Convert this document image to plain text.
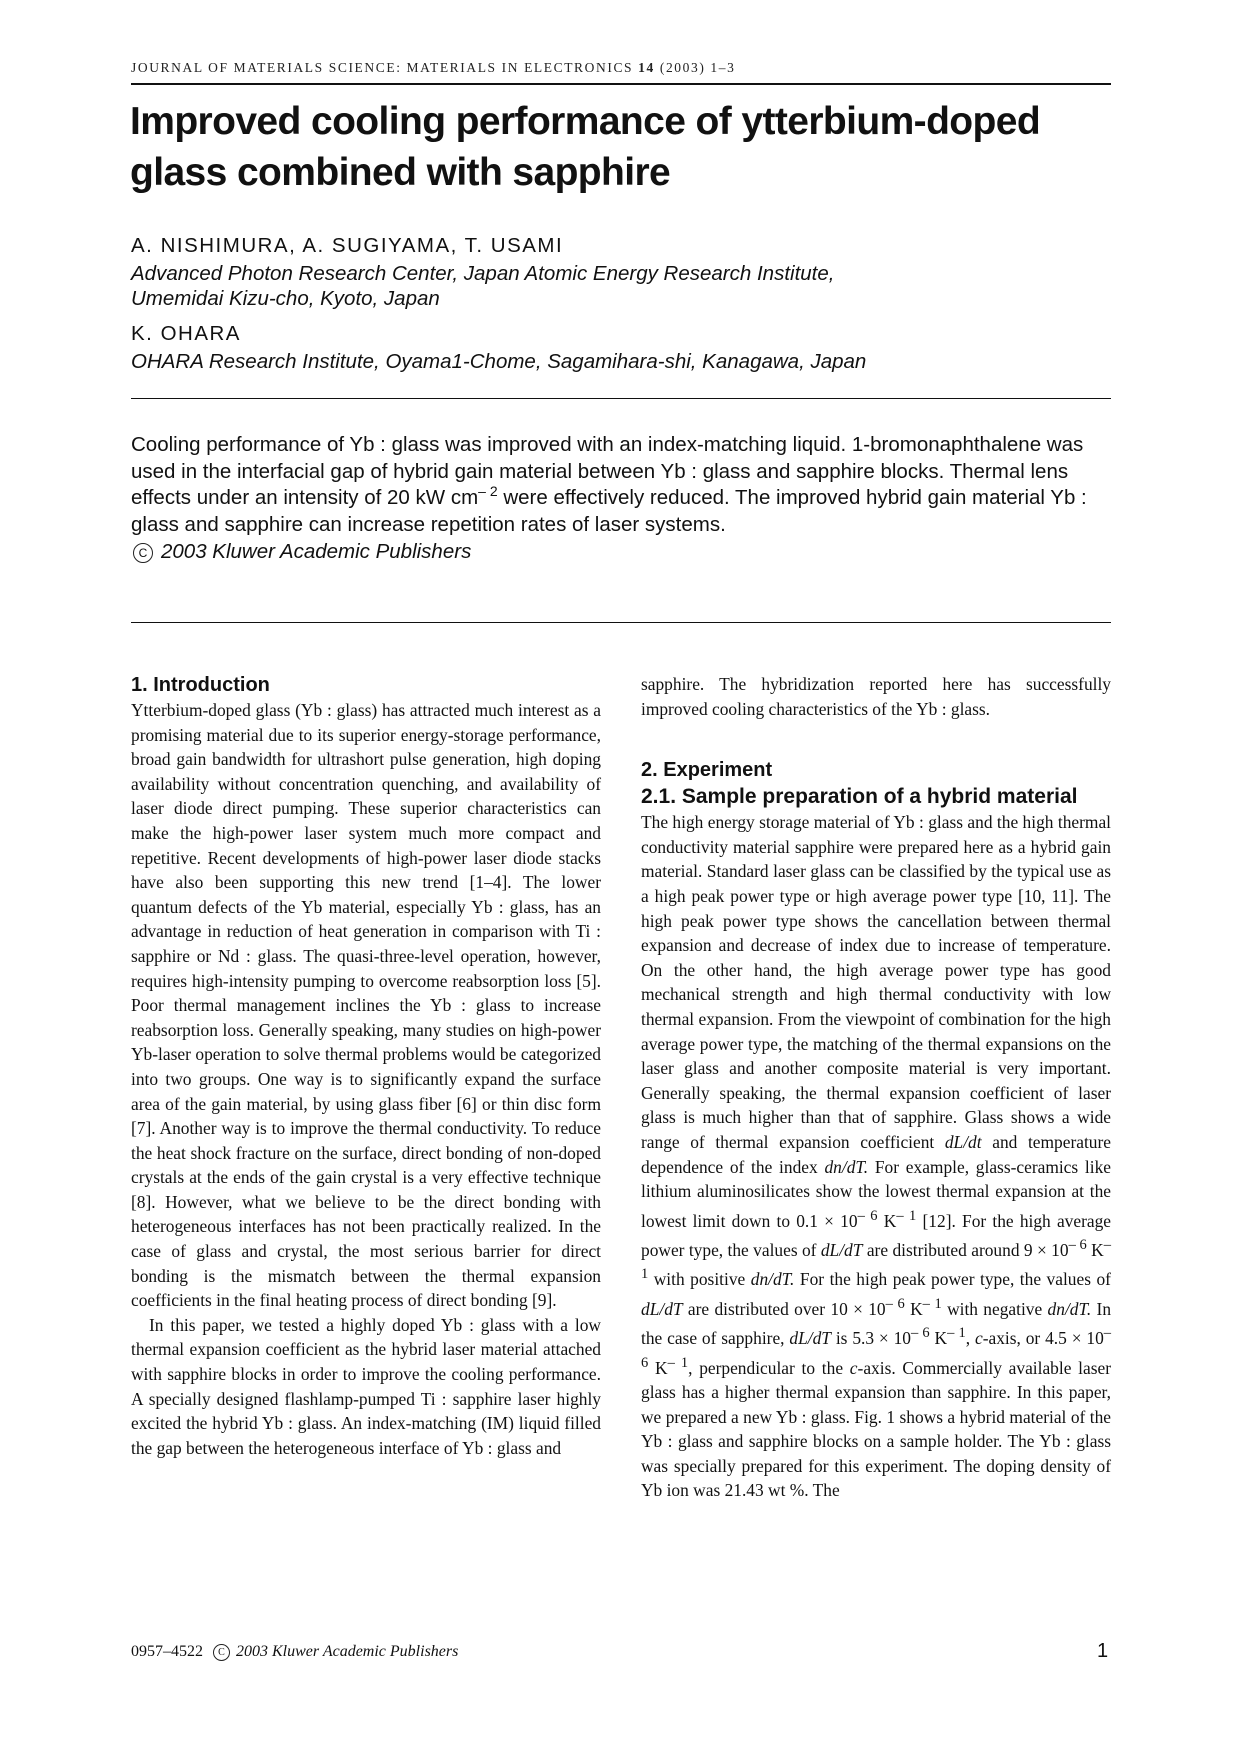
JOURNAL OF MATERIALS SCIENCE: MATERIALS IN ELECTRONICS 14 (2003) 1–3
Improved cooling performance of ytterbium-doped glass combined with sapphire

A. NISHIMURA, A. SUGIYAMA, T. USAMI

Advanced Photon Research Center, Japan Atomic Energy Research Institute,
Umemidai Kizu-cho, Kyoto, Japan

K. OHARA

OHARA Research Institute, Oyama1-Chome, Sagamihara-shi, Kanagawa, Japan

Cooling performance of Yb : glass was improved with an index-matching liquid. 1-bromonaphthalene was used in the interfacial gap of hybrid gain material between Yb : glass and sapphire blocks. Thermal lens effects under an intensity of 20 kW $cm^{- 2}$ were effectively reduced. The improved hybrid gain material Yb : glass and sapphire can increase repetition rates of laser systems.
C 2003 Kluwer Academic Publishers

1. Introduction

Ytterbium-doped glass (Yb : glass) has attracted much interest as a promising material due to its superior energy-storage performance, broad gain bandwidth for ultrashort pulse generation, high doping availability without concentration quenching, and availability of laser diode direct pumping. These superior characteristics can make the high-power laser system much more compact and repetitive. Recent developments of high-power laser diode stacks have also been supporting this new trend [1–4]. The lower quantum defects of the Yb material, especially Yb : glass, has an advantage in reduction of heat generation in comparison with Ti : sapphire or Nd : glass. The quasi-three-level operation, however, requires high-intensity pumping to overcome reabsorption loss [5]. Poor thermal management inclines the Yb : glass to increase reabsorption loss. Generally speaking, many studies on high-power Yb-laser operation to solve thermal problems would be categorized into two groups. One way is to significantly expand the surface area of the gain material, by using glass fiber [6] or thin disc form [7]. Another way is to improve the thermal conductivity. To reduce the heat shock fracture on the surface, direct bonding of non-doped crystals at the ends of the gain crystal is a very effective technique [8]. However, what we believe to be the direct bonding with heterogeneous interfaces has not been practically realized. In the case of glass and crystal, the most serious barrier for direct bonding is the mismatch between the thermal expansion coefficients in the final heating process of direct bonding [9].

In this paper, we tested a highly doped Yb : glass with a low thermal expansion coefficient as the hybrid laser material attached with sapphire blocks in order to improve the cooling performance. A specially designed flashlamp-pumped Ti : sapphire laser highly excited the hybrid Yb : glass. An index-matching (IM) liquid filled the gap between the heterogeneous interface of Yb : glass and

sapphire. The hybridization reported here has successfully improved cooling characteristics of the Yb : glass.

2. Experiment
2.1. Sample preparation of a hybrid material

The high energy storage material of Yb : glass and the high thermal conductivity material sapphire were prepared here as a hybrid gain material. Standard laser glass can be classified by the typical use as a high peak power type or high average power type [10, 11]. The high peak power type shows the cancellation between thermal expansion and decrease of index due to increase of temperature. On the other hand, the high average power type has good mechanical strength and high thermal conductivity with low thermal expansion. From the viewpoint of combination for the high average power type, the matching of the thermal expansions on the laser glass and another composite material is very important. Generally speaking, the thermal expansion coefficient of laser glass is much higher than that of sapphire. Glass shows a wide range of thermal expansion coefficient dL/dt and temperature dependence of the index dn/dT. For example, glass-ceramics like lithium aluminosilicates show the lowest thermal expansion at the lowest limit down to $0.1 \times 10^{- 6}$ $K^{- 1}$ [12]. For the high average power type, the values of dL/dT are distributed around $9 \times 10^{- 6}$ $K^{- 1}$ with positive dn/dT. For the high peak power type, the values of dL/dT are distributed over $10 \times 10^{- 6}$ $K^{- 1}$ with negative dn/dT. In the case of sapphire, dL/dT is $5.3 \times 10^{- 6}$ $K^{- 1}$, c-axis, or $4.5 \times 10^{- 6}$ $K^{- 1}$, perpendicular to the c-axis. Commercially available laser glass has a higher thermal expansion than sapphire. In this paper, we prepared a new Yb : glass. Fig. 1 shows a hybrid material of the Yb : glass and sapphire blocks on a sample holder. The Yb : glass was specially prepared for this experiment. The doping density of Yb ion was 21.43 wt %. The

0957–4522 C 2003 Kluwer Academic Publishers	1
